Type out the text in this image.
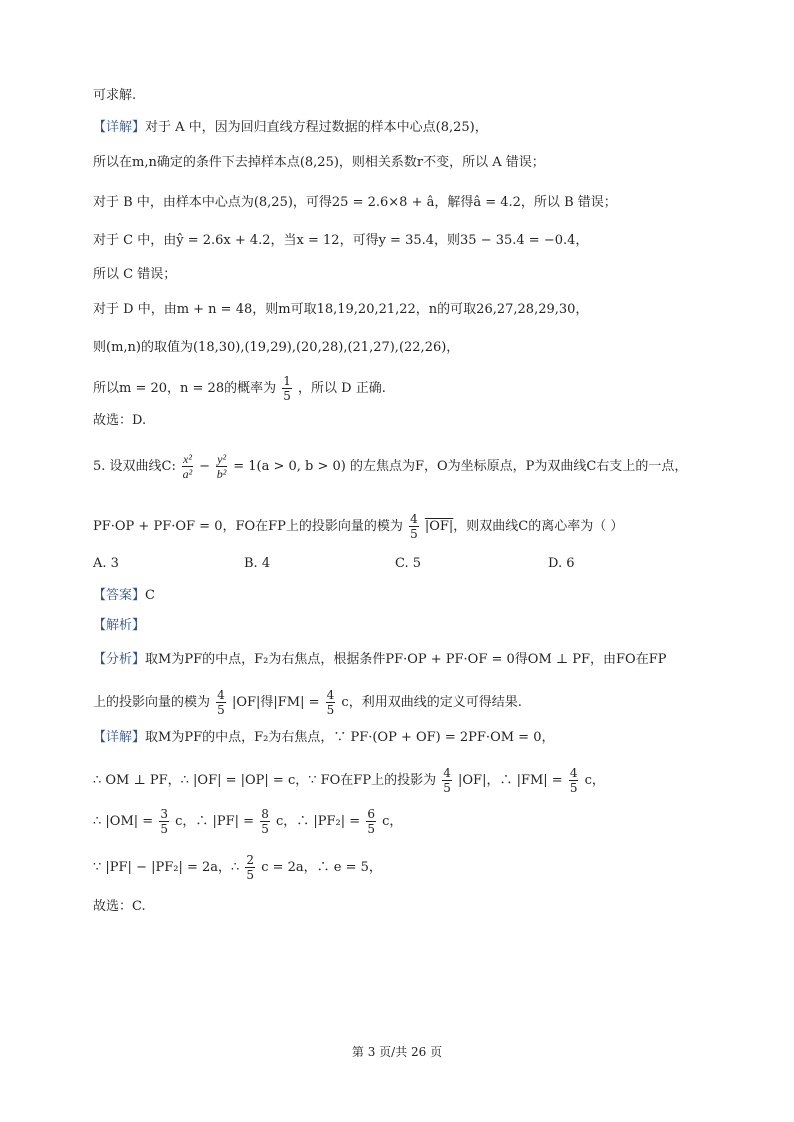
可求解.
【详解】对于 A 中，因为回归直线方程过数据的样本中心点(8,25)，
所以在m,n确定的条件下去掉样本点(8,25)，则相关系数r不变，所以 A 错误；
对于 B 中，由样本中心点为(8,25)，可得25 = 2.6×8 + â，解得â = 4.2，所以 B 错误；
对于 C 中，由ŷ = 2.6x + 4.2，当x = 12，可得y = 35.4，则35 − 35.4 = −0.4，
所以 C 错误；
对于 D 中，由m + n = 48，则m可取18,19,20,21,22，n的可取26,27,28,29,30，
则(m,n)的取值为(18,30),(19,29),(20,28),(21,27),(22,26)，
所以m = 20，n = 28的概率为 $\frac{1}{5}$ ，所以 D 正确.
故选：D.
5. 设双曲线C: $\frac{\text{x²}}{\text{a²}} - \frac{\text{y²}}{\text{b²}} = 1(a > 0$, b > 0) 的左焦点为F，O为坐标原点，P为双曲线C右支上的一点，
PF·OP + PF·OF = 0，FO在FP上的投影向量的模为 $\frac{4}{5} |OF|$，则双曲线C的离心率为（ ）
A. 3	B. 4	C. 5	D. 6
【答案】C
【解析】
【分析】取M为PF的中点，F₂为右焦点，根据条件PF·OP + PF·OF = 0得OM ⊥ PF，由FO在FP
上的投影向量的模为 $\frac{4}{5} |OF|$得$|FM| = \frac{4}{5}$ c，利用双曲线的定义可得结果.
【详解】取M为PF的中点，F₂为右焦点，∵ PF·(OP + OF) = 2PF·OM = 0，
∴ OM ⊥ PF，∴ |OF| = |OP| = c，∵ FO在FP上的投影为 $\frac{4}{5} |OF|$，∴ $|FM| = \frac{4}{5}$ c，
∴ $|OM| = \frac{3}{5}$ c，∴ $|PF| = \frac{8}{5}$ c，∴ $|PF_2| = \frac{6}{5}$ c，
∵ |PF| − |PF₂| = 2a，∴ $\frac{2}{5}$ c = 2a，∴ e = 5，
故选：C.
第 3 页/共 26 页
